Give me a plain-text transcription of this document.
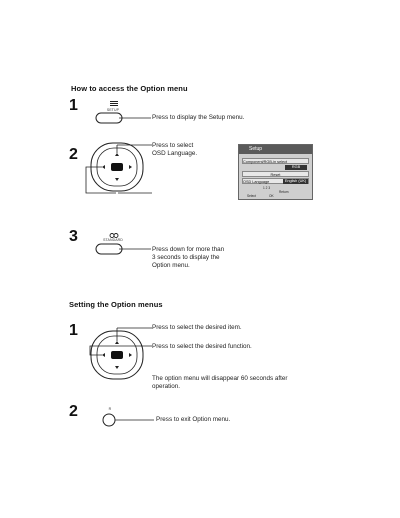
How to access the Option menu
1	SETUP
Press to display the Setup menu.
2
Press to select
OSD Language.
Setup
Component/RGB-in select
RGB
Reset
OSD Language	English (UK)
1 2 3
Return
Select	OK
3	STANDARD
Press down for more than
3 seconds to display the
Option menu.
Setting the Option menus
1	Press to select the desired item.
Press to select the desired function.
The option menu will disappear 60 seconds after
operation.
2	R
Press to exit Option menu.
